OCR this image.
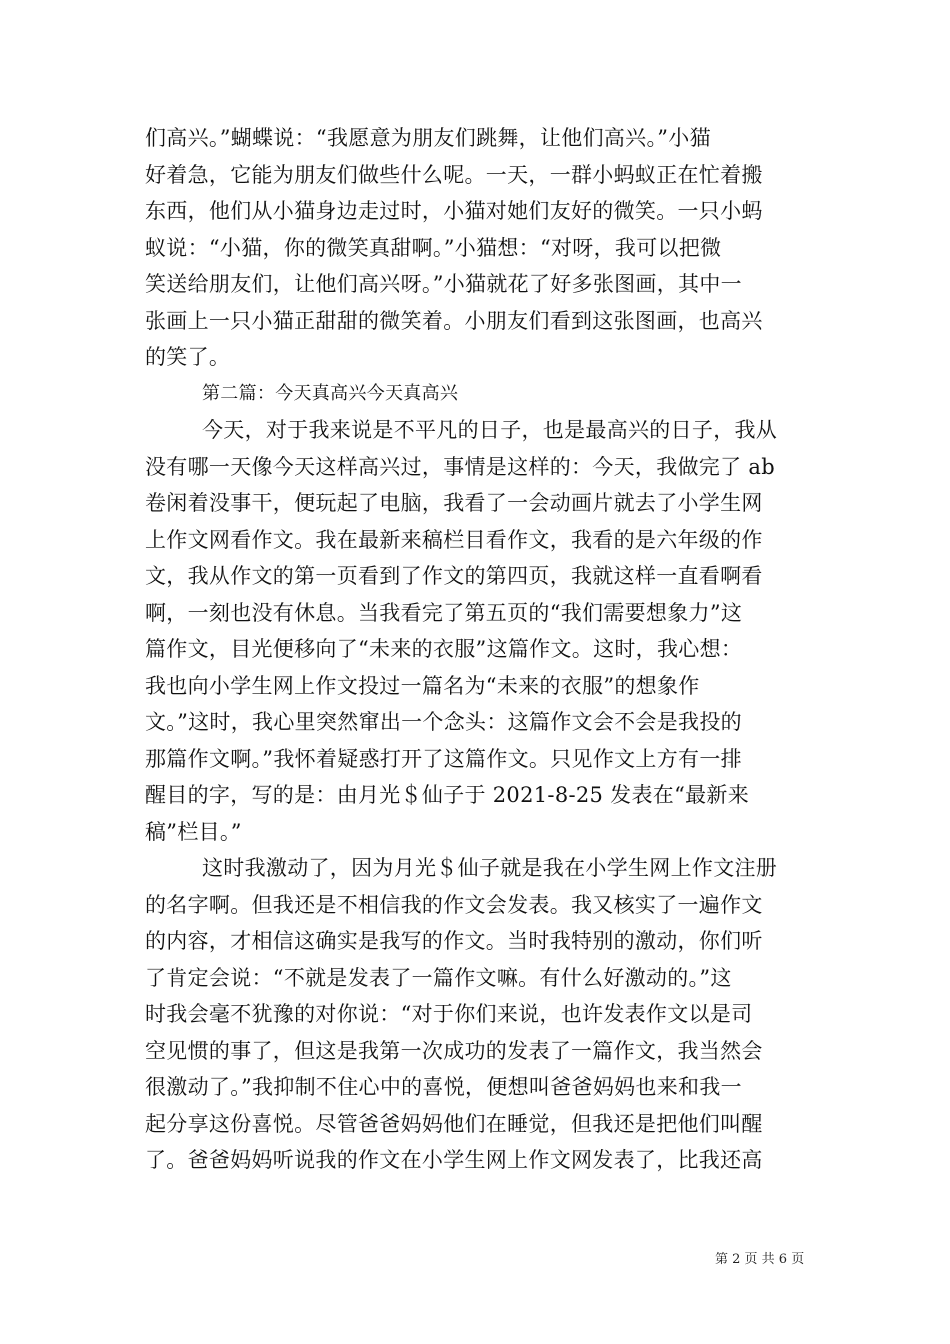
们高兴。”蝴蝶说：“我愿意为朋友们跳舞，让他们高兴。”小猫
好着急，它能为朋友们做些什么呢。一天，一群小蚂蚁正在忙着搬
东西，他们从小猫身边走过时，小猫对她们友好的微笑。一只小蚂
蚁说：“小猫，你的微笑真甜啊。”小猫想：“对呀，我可以把微
笑送给朋友们，让他们高兴呀。”小猫就花了好多张图画，其中一
张画上一只小猫正甜甜的微笑着。小朋友们看到这张图画，也高兴
的笑了。
第二篇：今天真高兴今天真高兴
今天，对于我来说是不平凡的日子，也是最高兴的日子，我从
没有哪一天像今天这样高兴过，事情是这样的：今天，我做完了 ab
卷闲着没事干，便玩起了电脑，我看了一会动画片就去了小学生网
上作文网看作文。我在最新来稿栏目看作文，我看的是六年级的作
文，我从作文的第一页看到了作文的第四页，我就这样一直看啊看
啊，一刻也没有休息。当我看完了第五页的“我们需要想象力”这
篇作文，目光便移向了“未来的衣服”这篇作文。这时，我心想：
我也向小学生网上作文投过一篇名为“未来的衣服”的想象作
文。”这时，我心里突然窜出一个念头：这篇作文会不会是我投的
那篇作文啊。”我怀着疑惑打开了这篇作文。只见作文上方有一排
醒目的字，写的是：由月光＄仙子于 2021-8-25 发表在“最新来
稿”栏目。”
这时我激动了，因为月光＄仙子就是我在小学生网上作文注册
的名字啊。但我还是不相信我的作文会发表。我又核实了一遍作文
的内容，才相信这确实是我写的作文。当时我特别的激动，你们听
了肯定会说：“不就是发表了一篇作文嘛。有什么好激动的。”这
时我会毫不犹豫的对你说：“对于你们来说，也许发表作文以是司
空见惯的事了，但这是我第一次成功的发表了一篇作文，我当然会
很激动了。”我抑制不住心中的喜悦，便想叫爸爸妈妈也来和我一
起分享这份喜悦。尽管爸爸妈妈他们在睡觉，但我还是把他们叫醒
了。爸爸妈妈听说我的作文在小学生网上作文网发表了，比我还高
第 2 页 共 6 页
